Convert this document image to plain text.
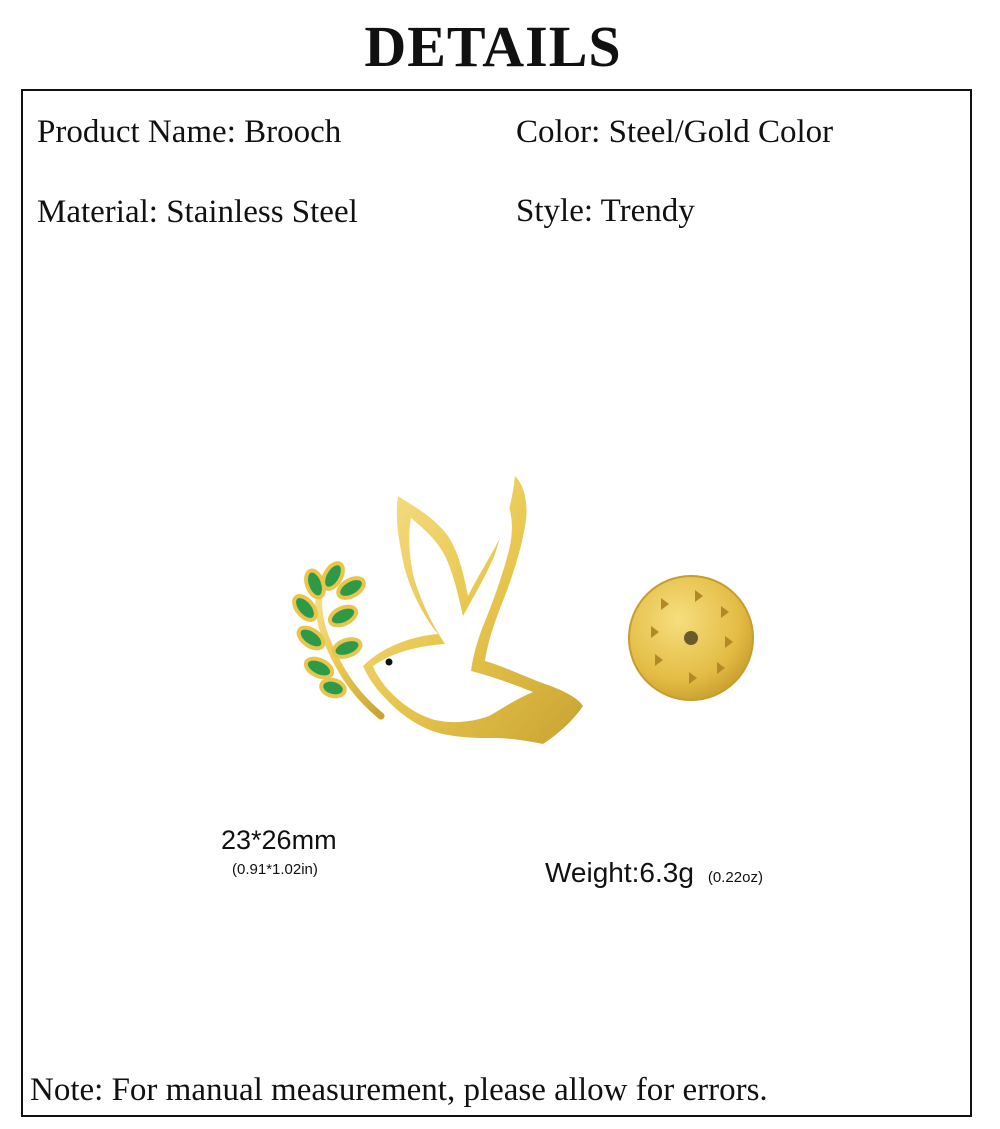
DETAILS
Product Name : Brooch	Color : Steel/Gold Color
Material : Stainless Steel	Style : Trendy
23*26mm
(0.91*1.02in)	Weight:6.3g (0.22oz)
Note: For manual measurement, please allow for errors.
